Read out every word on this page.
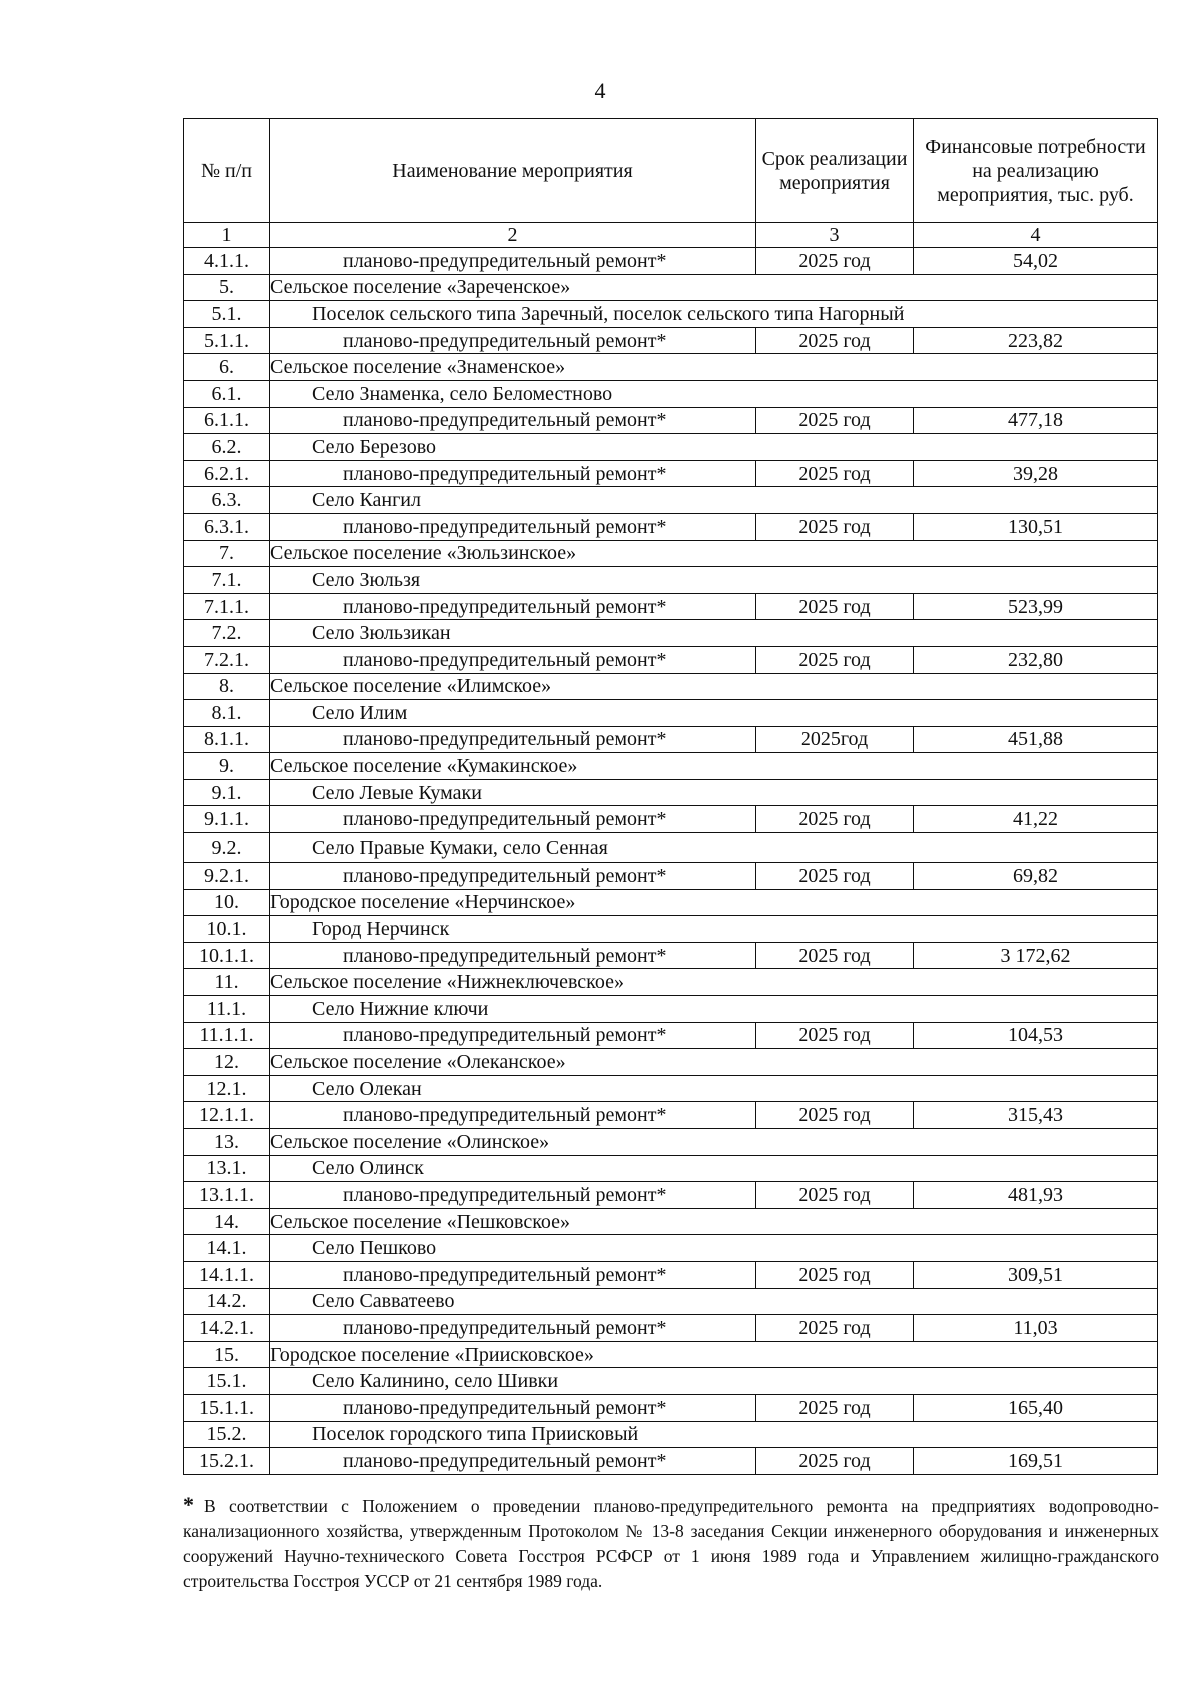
4
№ п/п	Наименование мероприятия	Срок реализации мероприятия	Финансовые потребности на реализацию мероприятия, тыс. руб.
1	2	3	4
4.1.1.	планово-предупредительный ремонт*	2025 год	54,02
5.	Сельское поселение «Зареченское»		
5.1.	Поселок сельского типа Заречный, поселок сельского типа Нагорный		
5.1.1.	планово-предупредительный ремонт*	2025 год	223,82
6.	Сельское поселение «Знаменское»		
6.1.	Село Знаменка, село Беломестново		
6.1.1.	планово-предупредительный ремонт*	2025 год	477,18
6.2.	Село Березово		
6.2.1.	планово-предупредительный ремонт*	2025 год	39,28
6.3.	Село Кангил		
6.3.1.	планово-предупредительный ремонт*	2025 год	130,51
7.	Сельское поселение «Зюльзинское»		
7.1.	Село Зюльзя		
7.1.1.	планово-предупредительный ремонт*	2025 год	523,99
7.2.	Село Зюльзикан		
7.2.1.	планово-предупредительный ремонт*	2025 год	232,80
8.	Сельское поселение «Илимское»		
8.1.	Село Илим		
8.1.1.	планово-предупредительный ремонт*	2025год	451,88
9.	Сельское поселение «Кумакинское»		
9.1.	Село Левые Кумаки		
9.1.1.	планово-предупредительный ремонт*	2025 год	41,22
9.2.	Село Правые Кумаки, село Сенная		
9.2.1.	планово-предупредительный ремонт*	2025 год	69,82
10.	Городское поселение «Нерчинское»		
10.1.	Город Нерчинск		
10.1.1.	планово-предупредительный ремонт*	2025 год	3 172,62
11.	Сельское поселение «Нижнеключевское»		
11.1.	Село Нижние ключи		
11.1.1.	планово-предупредительный ремонт*	2025 год	104,53
12.	Сельское поселение «Олеканское»		
12.1.	Село Олекан		
12.1.1.	планово-предупредительный ремонт*	2025 год	315,43
13.	Сельское поселение «Олинское»		
13.1.	Село Олинск		
13.1.1.	планово-предупредительный ремонт*	2025 год	481,93
14.	Сельское поселение «Пешковское»		
14.1.	Село Пешково		
14.1.1.	планово-предупредительный ремонт*	2025 год	309,51
14.2.	Село Савватеево		
14.2.1.	планово-предупредительный ремонт*	2025 год	11,03
15.	Городское поселение «Приисковское»		
15.1.	Село Калинино, село Шивки		
15.1.1.	планово-предупредительный ремонт*	2025 год	165,40
15.2.	Поселок городского типа Приисковый		
15.2.1.	планово-предупредительный ремонт*	2025 год	169,51
* В соответствии с Положением о проведении планово-предупредительного ремонта на предприятиях водопроводно-канализационного хозяйства, утвержденным Протоколом № 13-8 заседания Секции инженерного оборудования и инженерных сооружений Научно-технического Совета Госстроя РСФСР от 1 июня 1989 года и Управлением жилищно-гражданского строительства Госстроя УССР от 21 сентября 1989 года.
